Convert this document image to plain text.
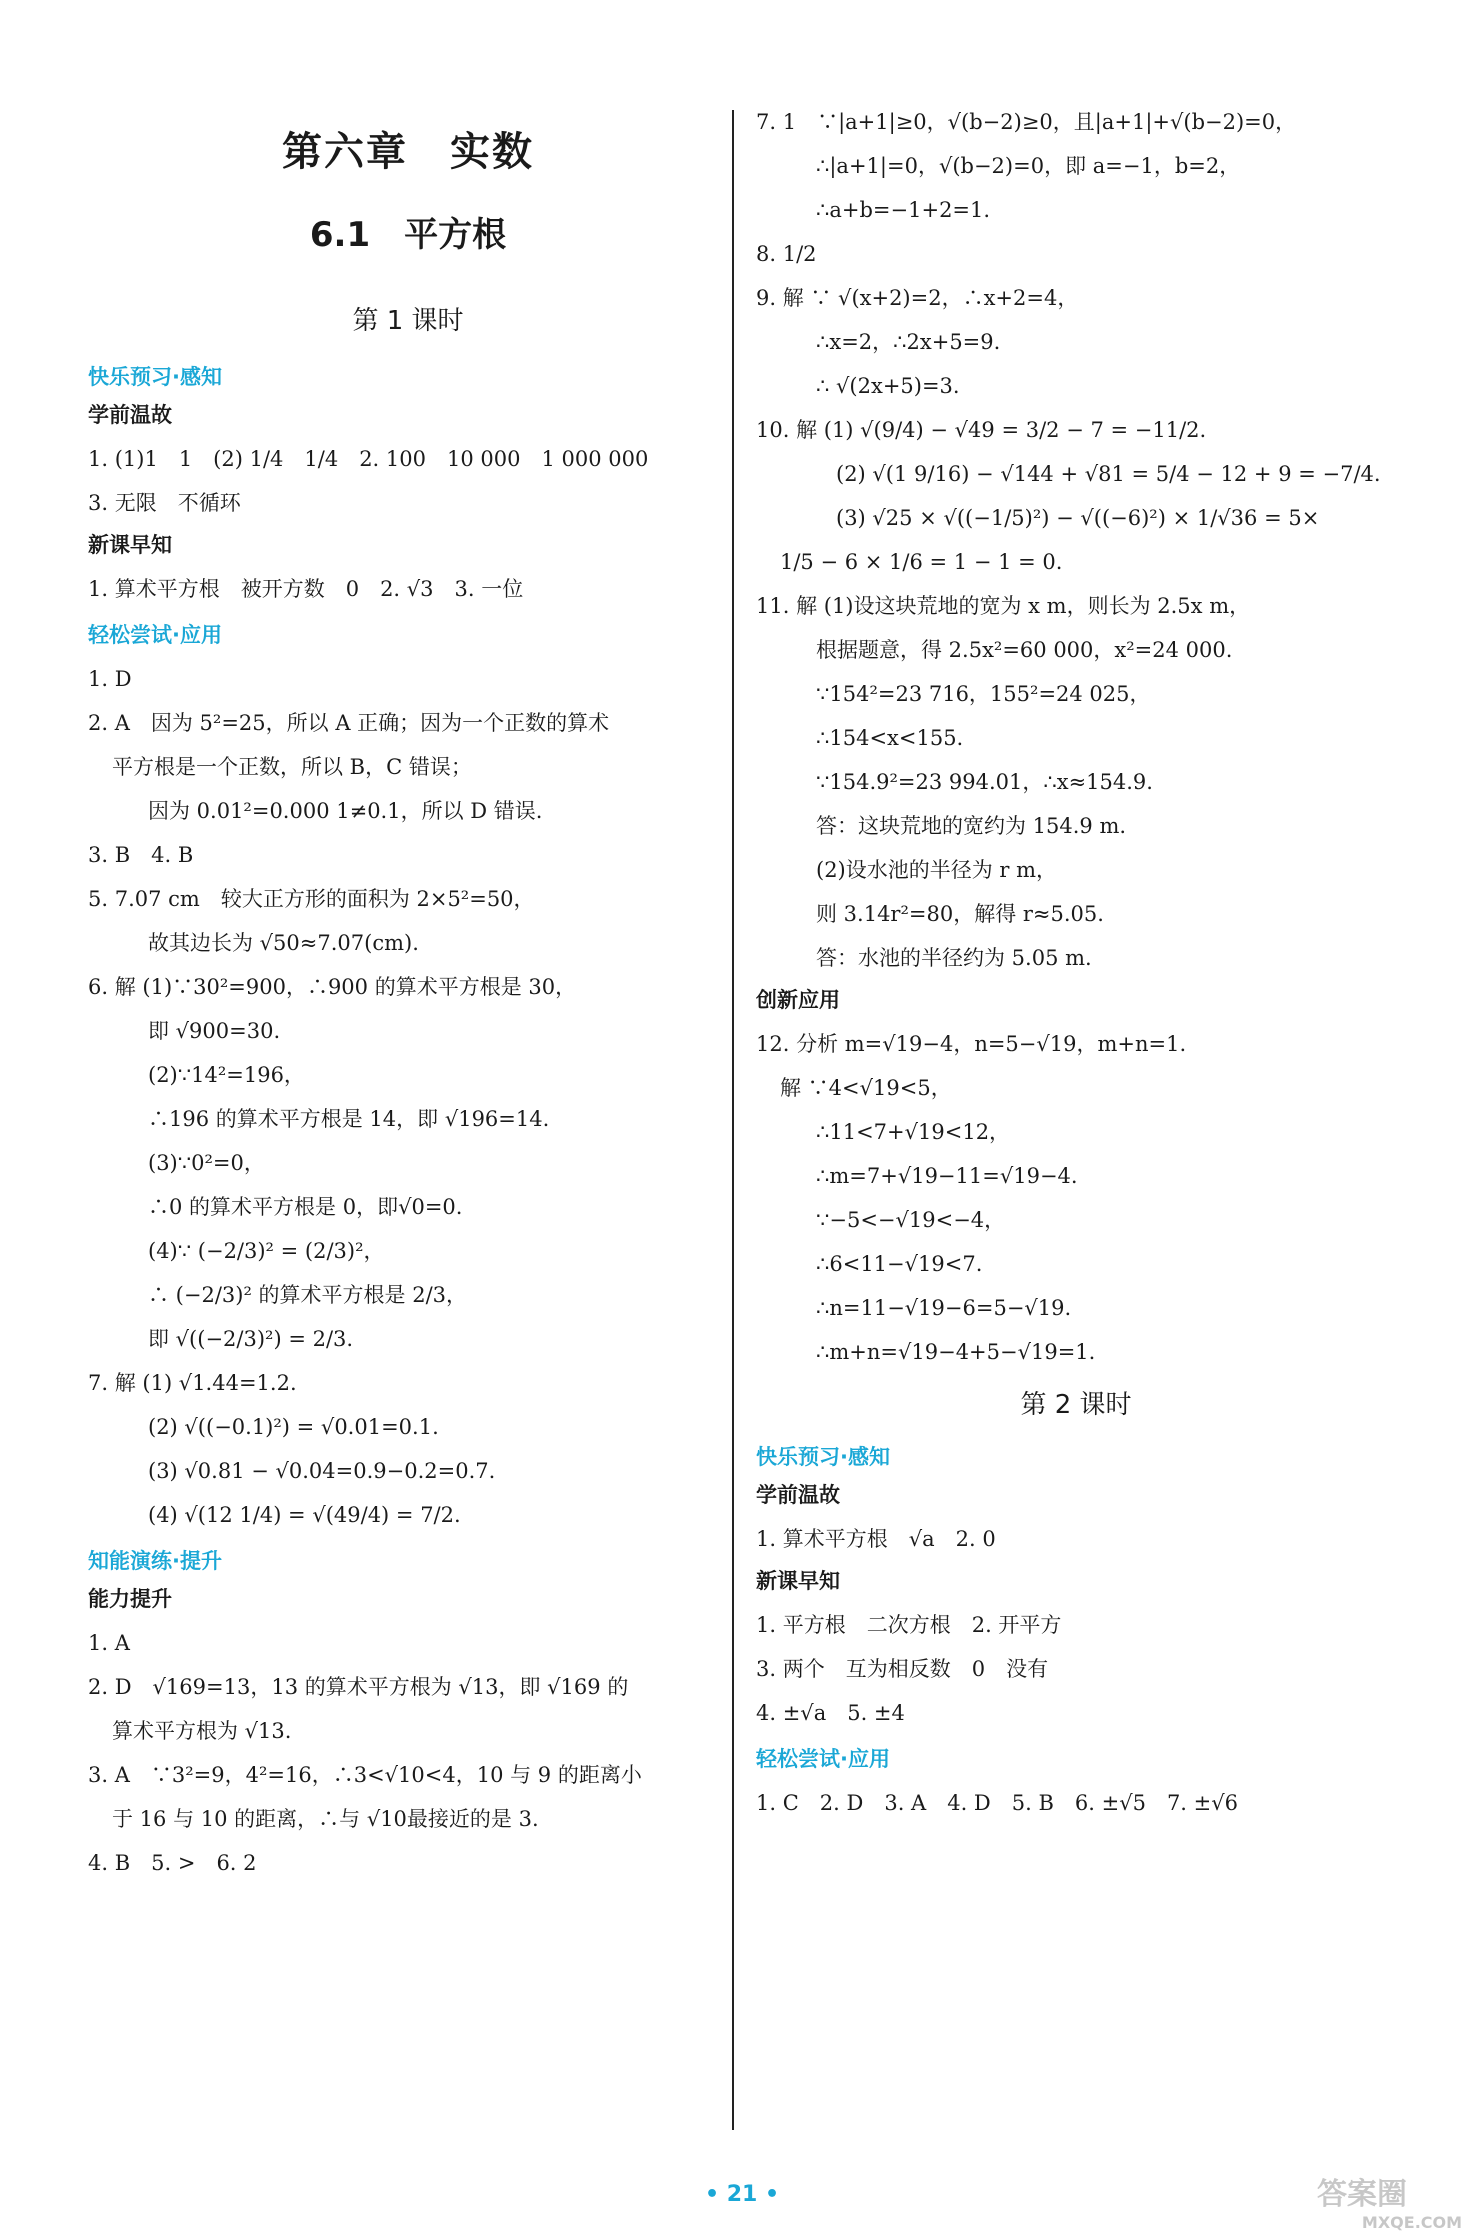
第六章　实数
6.1　平方根
第 1 课时
快乐预习·感知
学前温故
1. (1)1　1　(2) 1/4　1/4　2. 100　10 000　1 000 000
3. 无限　不循环
新课早知
1. 算术平方根　被开方数　0　2. √3　3. 一位
轻松尝试·应用
1. D
2. A　因为 5²=25，所以 A 正确；因为一个正数的算术
平方根是一个正数，所以 B，C 错误；
因为 0.01²=0.000 1≠0.1，所以 D 错误.
3. B　4. B
5. 7.07 cm　较大正方形的面积为 2×5²=50，
故其边长为 √50≈7.07(cm).
6. 解 (1)∵30²=900，∴900 的算术平方根是 30，
即 √900=30.
(2)∵14²=196，
∴196 的算术平方根是 14，即 √196=14.
(3)∵0²=0，
∴0 的算术平方根是 0，即√0=0.
(4)∵ (−2/3)² = (2/3)²，
∴ (−2/3)² 的算术平方根是 2/3，
即 √((−2/3)²) = 2/3.
7. 解 (1) √1.44=1.2.
(2) √((−0.1)²) = √0.01=0.1.
(3) √0.81 − √0.04=0.9−0.2=0.7.
(4) √(12 1/4) = √(49/4) = 7/2.
知能演练·提升
能力提升
1. A
2. D　√169=13，13 的算术平方根为 √13，即 √169 的
算术平方根为 √13.
3. A　∵3²=9，4²=16，∴3<√10<4，10 与 9 的距离小
于 16 与 10 的距离，∴与 √10最接近的是 3.
4. B　5. >　6. 2
7. 1　∵|a+1|≥0，√(b−2)≥0，且|a+1|+√(b−2)=0，
∴|a+1|=0，√(b−2)=0，即 a=−1，b=2，
∴a+b=−1+2=1.
8. 1/2
9. 解 ∵ √(x+2)=2，∴x+2=4，
∴x=2，∴2x+5=9.
∴ √(2x+5)=3.
10. 解 (1) √(9/4) − √49 = 3/2 − 7 = −11/2.
(2) √(1 9/16) − √144 + √81 = 5/4 − 12 + 9 = −7/4.
(3) √25 × √((−1/5)²) − √((−6)²) × 1/√36 = 5×
1/5 − 6 × 1/6 = 1 − 1 = 0.
11. 解 (1)设这块荒地的宽为 x m，则长为 2.5x m，
根据题意，得 2.5x²=60 000，x²=24 000.
∵154²=23 716，155²=24 025，
∴154<x<155.
∵154.9²=23 994.01，∴x≈154.9.
答：这块荒地的宽约为 154.9 m.
(2)设水池的半径为 r m，
则 3.14r²=80，解得 r≈5.05.
答：水池的半径约为 5.05 m.
创新应用
12. 分析 m=√19−4，n=5−√19，m+n=1.
解 ∵4<√19<5，
∴11<7+√19<12，
∴m=7+√19−11=√19−4.
∵−5<−√19<−4，
∴6<11−√19<7.
∴n=11−√19−6=5−√19.
∴m+n=√19−4+5−√19=1.
第 2 课时
快乐预习·感知
学前温故
1. 算术平方根　√a　2. 0
新课早知
1. 平方根　二次方根　2. 开平方
3. 两个　互为相反数　0　没有
4. ±√a　5. ±4
轻松尝试·应用
1. C　2. D　3. A　4. D　5. B　6. ±√5　7. ±√6
• 21 •	答案圈
MXQE.COM
